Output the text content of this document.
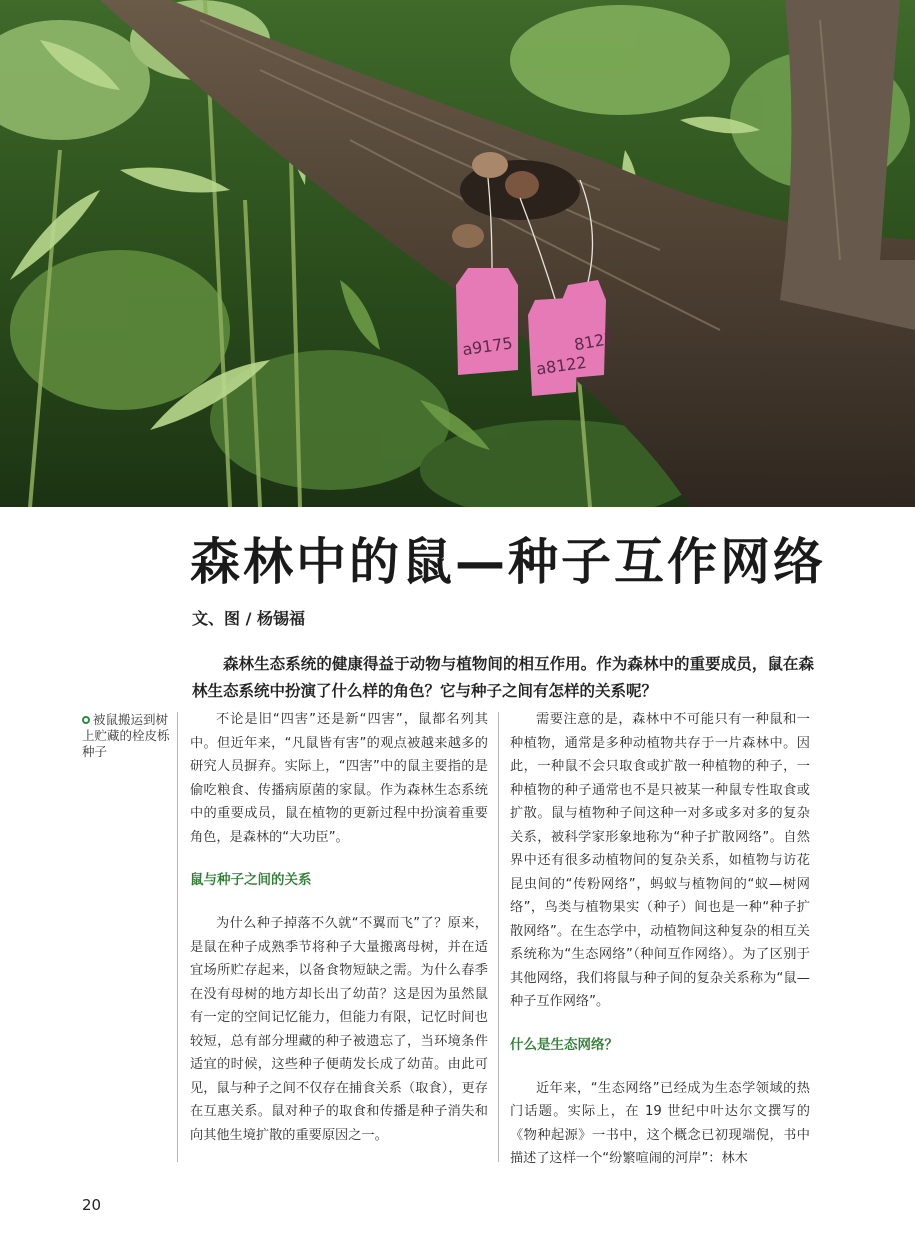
a9175
a8122
8127
森林中的鼠—种子互作网络
文、图 / 杨锡福
森林生态系统的健康得益于动物与植物间的相互作用。作为森林中的重要成员，鼠在森林生态系统中扮演了什么样的角色？它与种子之间有怎样的关系呢？
被鼠搬运到树上贮藏的栓皮栎种子

不论是旧“四害”还是新“四害”，鼠都名列其中。但近年来，“凡鼠皆有害”的观点被越来越多的研究人员摒弃。实际上，“四害”中的鼠主要指的是偷吃粮食、传播病原菌的家鼠。作为森林生态系统中的重要成员，鼠在植物的更新过程中扮演着重要角色，是森林的“大功臣”。

鼠与种子之间的关系

为什么种子掉落不久就“不翼而飞”了？原来，是鼠在种子成熟季节将种子大量搬离母树，并在适宜场所贮存起来，以备食物短缺之需。为什么春季在没有母树的地方却长出了幼苗？这是因为虽然鼠有一定的空间记忆能力，但能力有限，记忆时间也较短，总有部分埋藏的种子被遗忘了，当环境条件适宜的时候，这些种子便萌发长成了幼苗。由此可见，鼠与种子之间不仅存在捕食关系（取食），更存在互惠关系。鼠对种子的取食和传播是种子消失和向其他生境扩散的重要原因之一。

需要注意的是，森林中不可能只有一种鼠和一种植物，通常是多种动植物共存于一片森林中。因此，一种鼠不会只取食或扩散一种植物的种子，一种植物的种子通常也不是只被某一种鼠专性取食或扩散。鼠与植物种子间这种一对多或多对多的复杂关系，被科学家形象地称为“种子扩散网络”。自然界中还有很多动植物间的复杂关系，如植物与访花昆虫间的“传粉网络”，蚂蚁与植物间的“蚁—树网络”，鸟类与植物果实（种子）间也是一种“种子扩散网络”。在生态学中，动植物间这种复杂的相互关系统称为“生态网络”（种间互作网络）。为了区别于其他网络，我们将鼠与种子间的复杂关系称为“鼠—种子互作网络”。

什么是生态网络？

近年来，“生态网络”已经成为生态学领域的热门话题。实际上，在 19 世纪中叶达尔文撰写的《物种起源》一书中，这个概念已初现端倪，书中描述了这样一个“纷繁喧闹的河岸”：林木

20
